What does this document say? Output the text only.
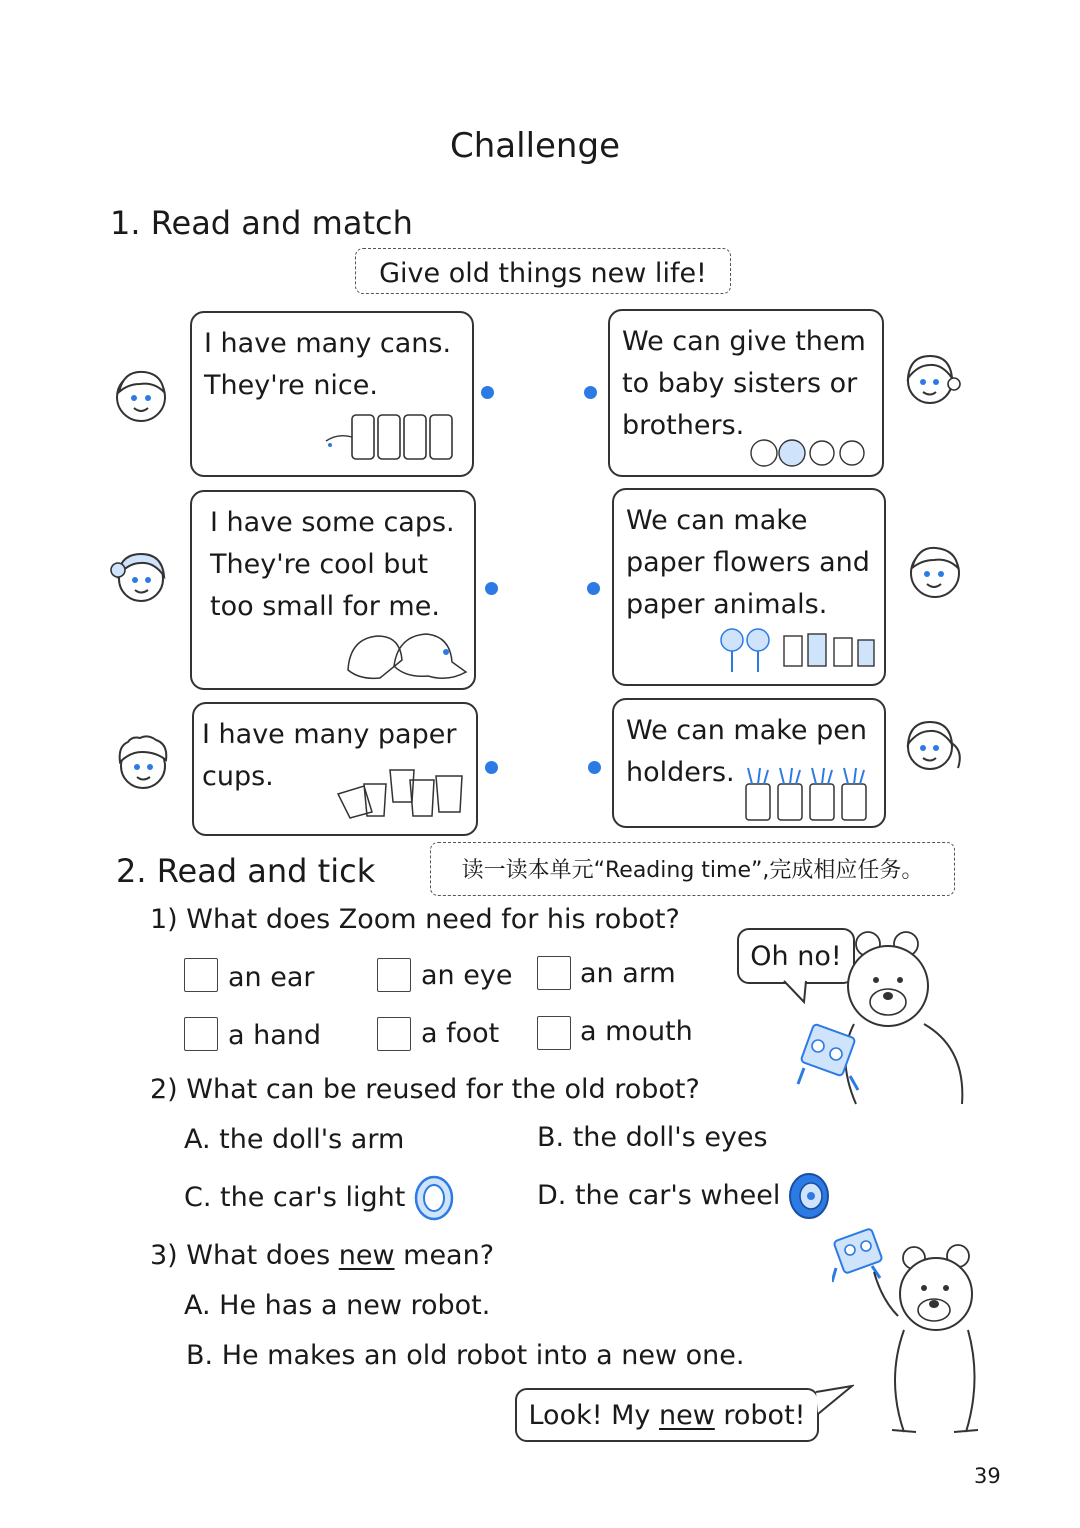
Challenge
1. Read and match
Give old things new life!
I have many cans.
They're nice.
I have some caps.
They're cool but
too small for me.
I have many paper
cups.
We can give them
to baby sisters or
brothers.
We can make
paper flowers and
paper animals.
We can make pen
holders.
2. Read and tick	读一读本单元“Reading time”,完成相应任务。
1) What does Zoom need for his robot?
an ear	an eye	an arm
a hand	a foot	a mouth
Oh no!
2) What can be reused for the old robot?
A. the doll's arm	B. the doll's eyes
C. the car's light	D. the car's wheel
3) What does new mean?
A. He has a new robot.
B. He makes an old robot into a new one.
Look! My new robot!
39
